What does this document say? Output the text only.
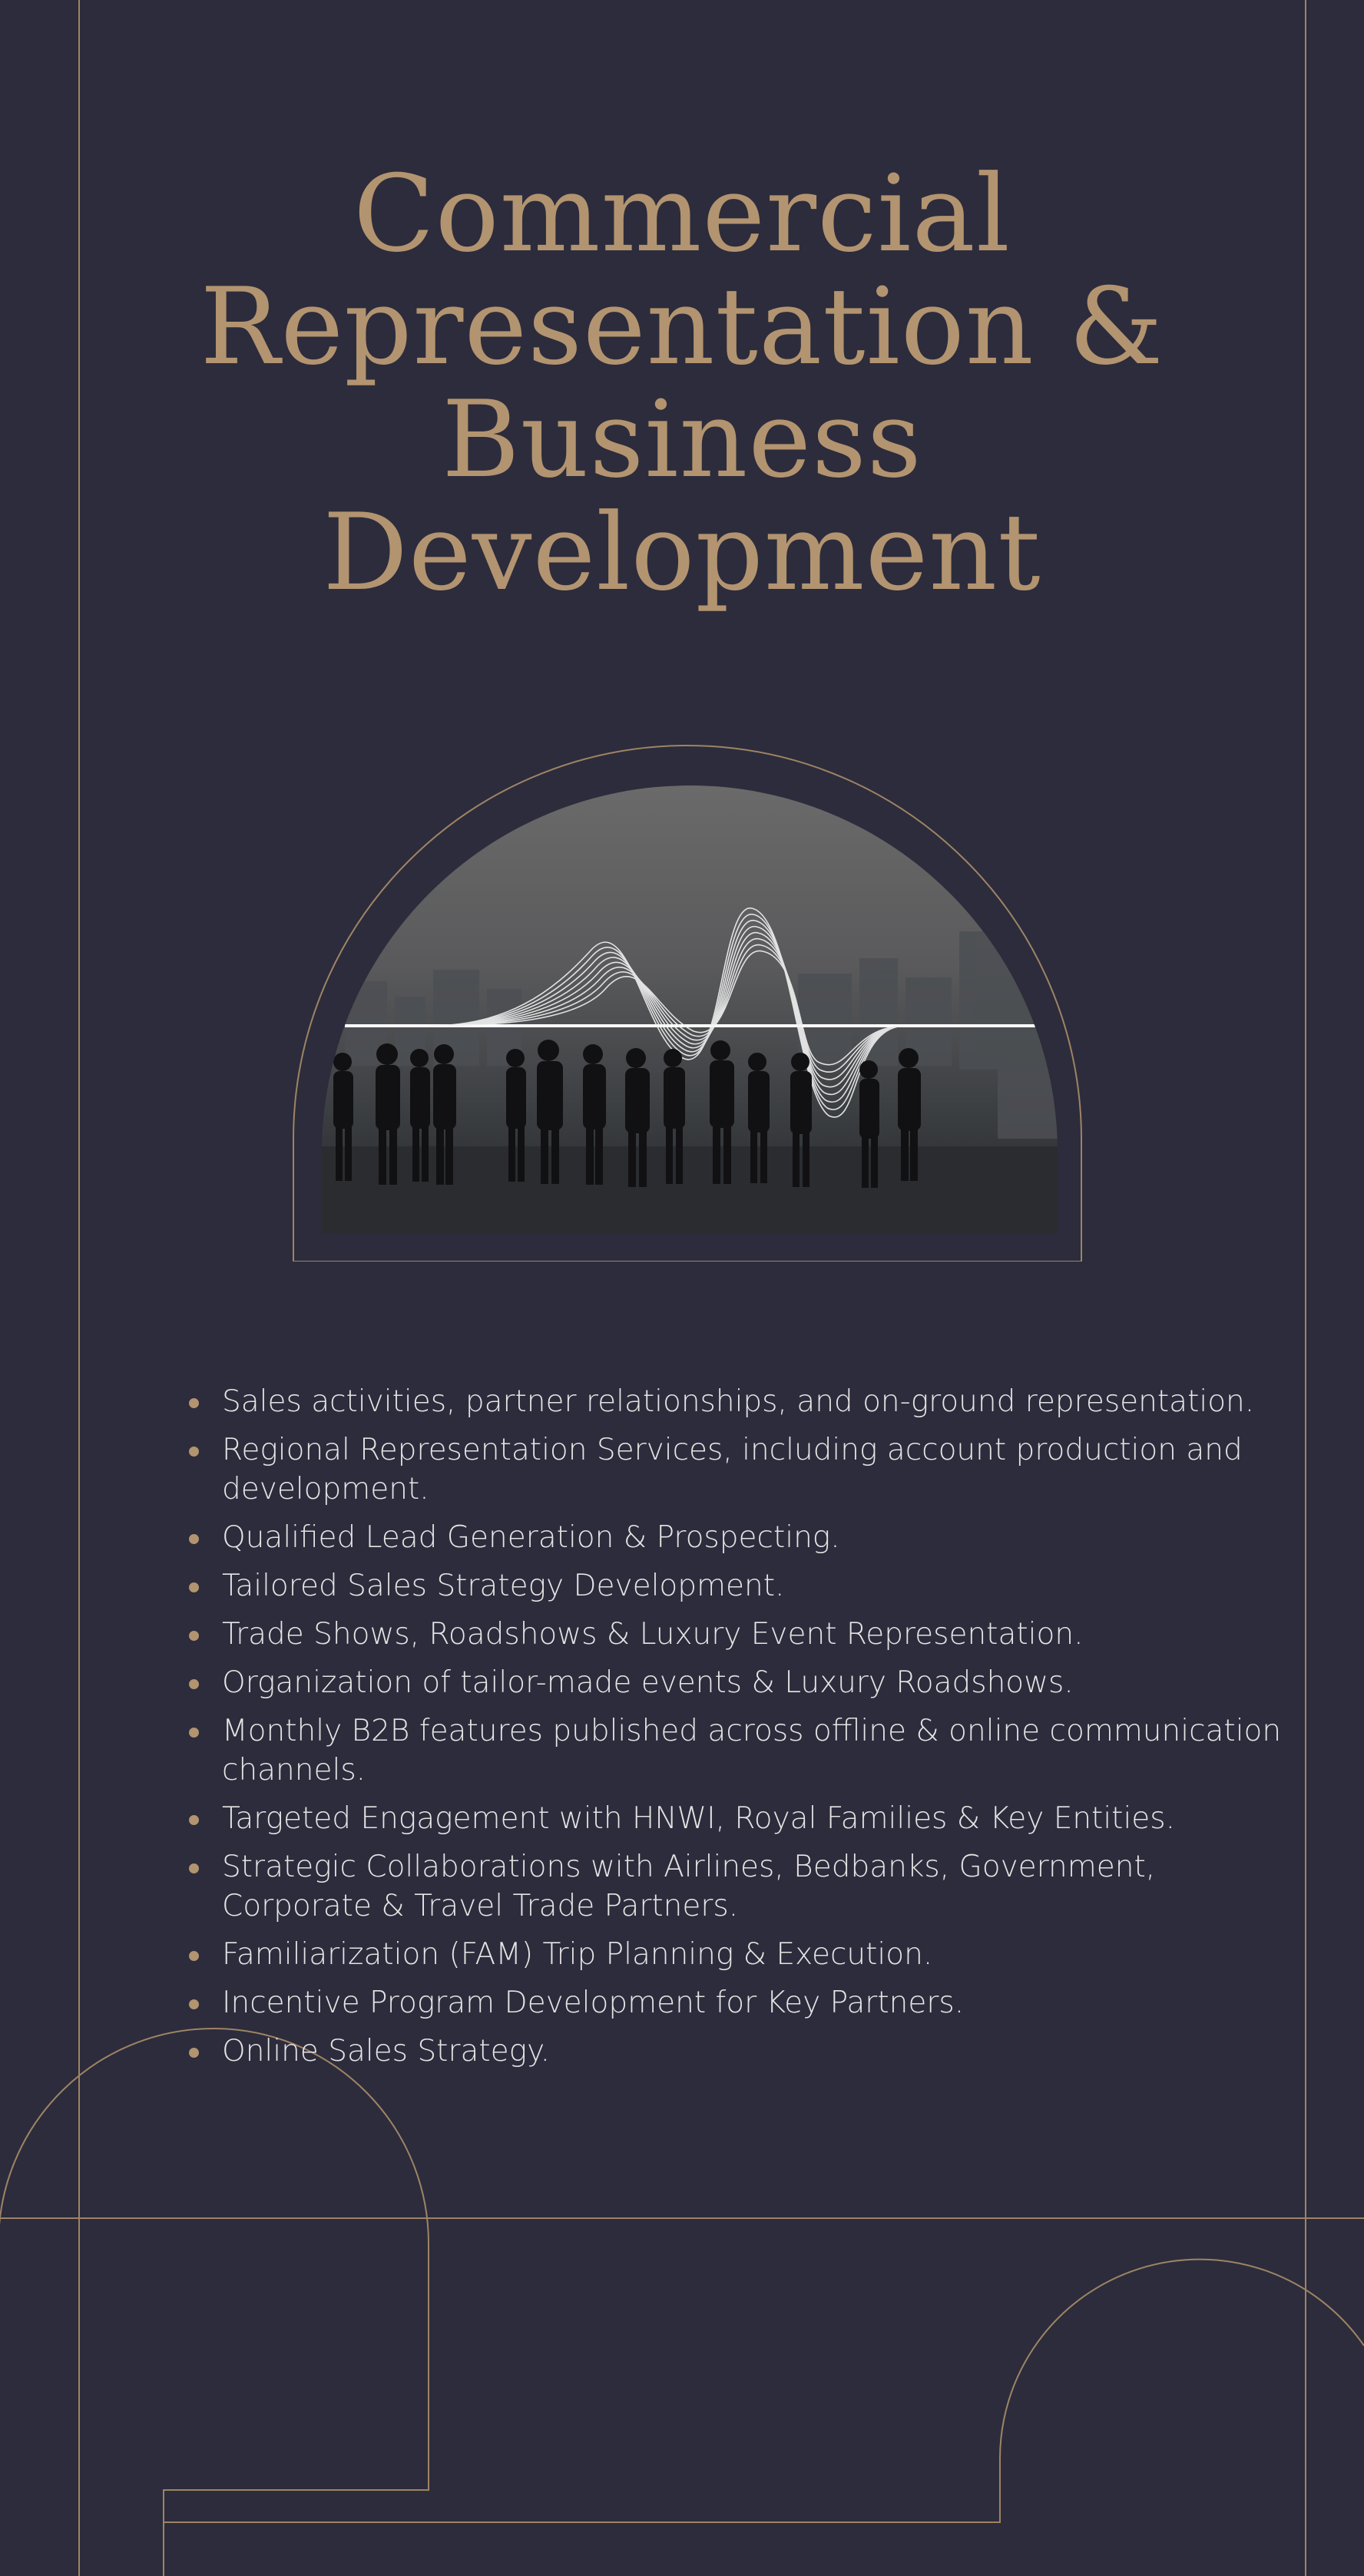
Commercial
Representation &
Business
Development
Sales activities, partner relationships, and on-ground representation.
Regional Representation Services, including account production and development.
Qualified Lead Generation & Prospecting.
Tailored Sales Strategy Development.
Trade Shows, Roadshows & Luxury Event Representation.
Organization of tailor-made events & Luxury Roadshows.
Monthly B2B features published across offline & online communication channels.
Targeted Engagement with HNWI, Royal Families & Key Entities.
Strategic Collaborations with Airlines, Bedbanks, Government, Corporate & Travel Trade Partners.
Familiarization (FAM) Trip Planning & Execution.
Incentive Program Development for Key Partners.
Online Sales Strategy.
